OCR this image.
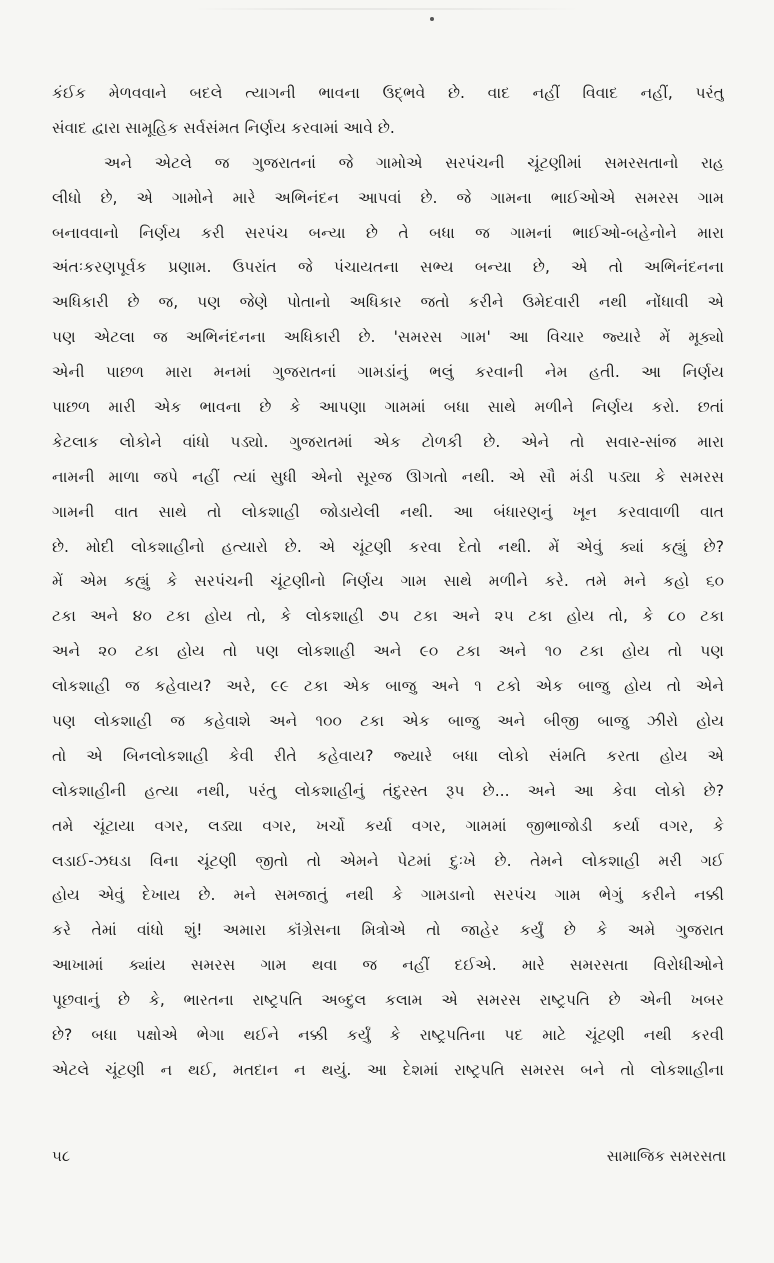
કંઈક મેળવવાને બદલે ત્યાગની ભાવના ઉદ્‌ભવે છે. વાદ નહીં વિવાદ નહીં, પરંતુ
સંવાદ દ્વારા સામૂહિક સર્વસંમત નિર્ણય કરવામાં આવે છે.
અને એટલે જ ગુજરાતનાં જે ગામોએ સરપંચની ચૂંટણીમાં સમરસતાનો રાહ
લીધો છે, એ ગામોને મારે અભિનંદન આપવાં છે. જે ગામના ભાઈઓએ સમરસ ગામ
બનાવવાનો નિર્ણય કરી સરપંચ બન્યા છે તે બધા જ ગામનાં ભાઈઓ-બહેનોને મારા
અંતઃકરણપૂર્વક પ્રણામ. ઉપરાંત જે પંચાયતના સભ્ય બન્યા છે, એ તો અભિનંદનના
અધિકારી છે જ, પણ જેણે પોતાનો અધિકાર જતો કરીને ઉમેદવારી નથી નોંધાવી એ
પણ એટલા જ અભિનંદનના અધિકારી છે. 'સમરસ ગામ' આ વિચાર જ્યારે મેં મૂક્યો
એની પાછળ મારા મનમાં ગુજરાતનાં ગામડાંનું ભલું કરવાની નેમ હતી. આ નિર્ણય
પાછળ મારી એક ભાવના છે કે આપણા ગામમાં બધા સાથે મળીને નિર્ણય કરો. છતાં
કેટલાક લોકોને વાંધો પડ્યો. ગુજરાતમાં એક ટોળકી છે. એને તો સવાર-સાંજ મારા
નામની માળા જપે નહીં ત્યાં સુધી એનો સૂરજ ઊગતો નથી. એ સૌ મંડી પડ્યા કે સમરસ
ગામની વાત સાથે તો લોકશાહી જોડાયેલી નથી. આ બંધારણનું ખૂન કરવાવાળી વાત
છે. મોદી લોકશાહીનો હત્યારો છે. એ ચૂંટણી કરવા દેતો નથી. મેં એવું ક્યાં કહ્યું છે?
મેં એમ કહ્યું કે સરપંચની ચૂંટણીનો નિર્ણય ગામ સાથે મળીને કરે. તમે મને કહો ૬૦
ટકા અને ૪૦ ટકા હોય તો, કે લોકશાહી ૭૫ ટકા અને ૨૫ ટકા હોય તો, કે ૮૦ ટકા
અને ૨૦ ટકા હોય તો પણ લોકશાહી અને ૯૦ ટકા અને ૧૦ ટકા હોય તો પણ
લોકશાહી જ કહેવાય? અરે, ૯૯ ટકા એક બાજુ અને ૧ ટકો એક બાજુ હોય તો એને
પણ લોકશાહી જ કહેવાશે અને ૧૦૦ ટકા એક બાજુ અને બીજી બાજુ ઝીરો હોય
તો એ બિનલોકશાહી કેવી રીતે કહેવાય? જ્યારે બધા લોકો સંમતિ કરતા હોય એ
લોકશાહીની હત્યા નથી, પરંતુ લોકશાહીનું તંદુરસ્ત રૂપ છે... અને આ કેવા લોકો છે?
તમે ચૂંટાયા વગર, લડ્યા વગર, ખર્ચો કર્યા વગર, ગામમાં જીભાજોડી કર્યા વગર, કે
લડાઈ-ઝઘડા વિના ચૂંટણી જીતો તો એમને પેટમાં દુઃખે છે. તેમને લોકશાહી મરી ગઈ
હોય એવું દેખાય છે. મને સમજાતું નથી કે ગામડાનો સરપંચ ગામ ભેગું કરીને નક્કી
કરે તેમાં વાંધો શું! અમારા કૉંગ્રેસના મિત્રોએ તો જાહેર કર્યું છે કે અમે ગુજરાત
આખામાં ક્યાંય સમરસ ગામ થવા જ નહીં દઈએ. મારે સમરસતા વિરોધીઓને
પૂછવાનું છે કે, ભારતના રાષ્ટ્રપતિ અબ્દુલ કલામ એ સમરસ રાષ્ટ્રપતિ છે એની ખબર
છે? બધા પક્ષોએ ભેગા થઈને નક્કી કર્યું કે રાષ્ટ્રપતિના પદ માટે ચૂંટણી નથી કરવી
એટલે ચૂંટણી ન થઈ, મતદાન ન થયું. આ દેશમાં રાષ્ટ્રપતિ સમરસ બને તો લોકશાહીના
૫૮	સામાજિક સમરસતા
